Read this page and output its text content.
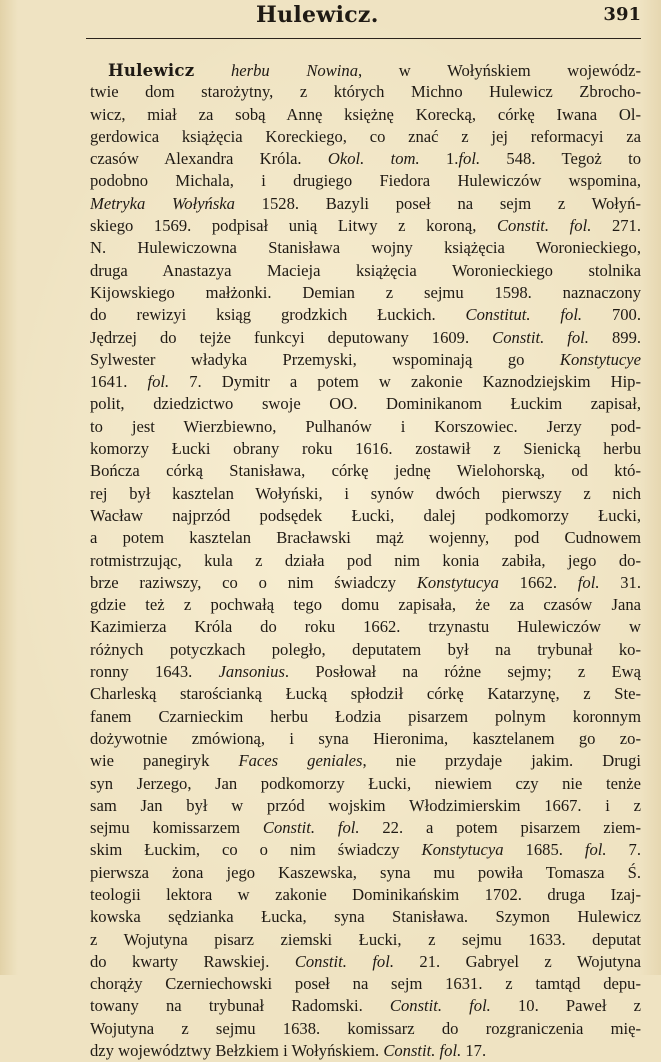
Hulewicz.	391
Hulewicz herbu Nowina, w Wołyńskiem wojewódz-
twie dom starożytny, z których Michno Hulewicz Zbrocho-
wicz, miał za sobą Annę księżnę Korecką, córkę Iwana Ol-
gerdowica książęcia Koreckiego, co znać z jej reformacyi za
czasów Alexandra Króla. Okol. tom. 1.fol. 548. Tegoż to
podobno Michala, i drugiego Fiedora Hulewiczów wspomina,
Metryka Wołyńska 1528. Bazyli poseł na sejm z Wołyń-
skiego 1569. podpisał unią Litwy z koroną, Constit. fol. 271.
N. Hulewiczowna Stanisława wojny książęcia Woronieckiego,
druga Anastazya Macieja książęcia Woronieckiego stolnika
Kijowskiego małżonki. Demian z sejmu 1598. naznaczony
do rewizyi ksiąg grodzkich Łuckich. Constitut. fol. 700.
Jędrzej do tejże funkcyi deputowany 1609. Constit. fol. 899.
Sylwester władyka Przemyski, wspominają go Konstytucye
1641. fol. 7. Dymitr a potem w zakonie Kaznodziejskim Hip-
polit, dziedzictwo swoje OO. Dominikanom Łuckim zapisał,
to jest Wierzbiewno, Pulhanów i Korszowiec. Jerzy pod-
komorzy Łucki obrany roku 1616. zostawił z Sienicką herbu
Bończa córką Stanisława, córkę jednę Wielohorską, od któ-
rej był kasztelan Wołyński, i synów dwóch pierwszy z nich
Wacław najprzód podsędek Łucki, dalej podkomorzy Łucki,
a potem kasztelan Bracławski mąż wojenny, pod Cudnowem
rotmistrzując, kula z działa pod nim konia zabiła, jego do-
brze raziwszy, co o nim świadczy Konstytucya 1662. fol. 31.
gdzie też z pochwałą tego domu zapisała, że za czasów Jana
Kazimierza Króla do roku 1662. trzynastu Hulewiczów w
różnych potyczkach poległo, deputatem był na trybunał ko-
ronny 1643. Jansonius. Posłował na różne sejmy; z Ewą
Charleską starościanką Łucką spłodził córkę Katarzynę, z Ste-
fanem Czarnieckim herbu Łodzia pisarzem polnym koronnym
dożywotnie zmówioną, i syna Hieronima, kasztelanem go zo-
wie panegiryk Faces geniales, nie przydaje jakim. Drugi
syn Jerzego, Jan podkomorzy Łucki, niewiem czy nie tenże
sam Jan był w przód wojskim Włodzimierskim 1667. i z
sejmu komissarzem Constit. fol. 22. a potem pisarzem ziem-
skim Łuckim, co o nim świadczy Konstytucya 1685. fol. 7.
pierwsza żona jego Kaszewska, syna mu powiła Tomasza Ś.
teologii lektora w zakonie Dominikańskim 1702. druga Izaj-
kowska sędzianka Łucka, syna Stanisława. Szymon Hulewicz
z Wojutyna pisarz ziemski Łucki, z sejmu 1633. deputat
do kwarty Rawskiej. Constit. fol. 21. Gabryel z Wojutyna
chorąży Czerniechowski poseł na sejm 1631. z tamtąd depu-
towany na trybunał Radomski. Constit. fol. 10. Paweł z
Wojutyna z sejmu 1638. komissarz do rozgraniczenia mię-
dzy województwy Bełzkiem i Wołyńskiem. Constit. fol. 17.
